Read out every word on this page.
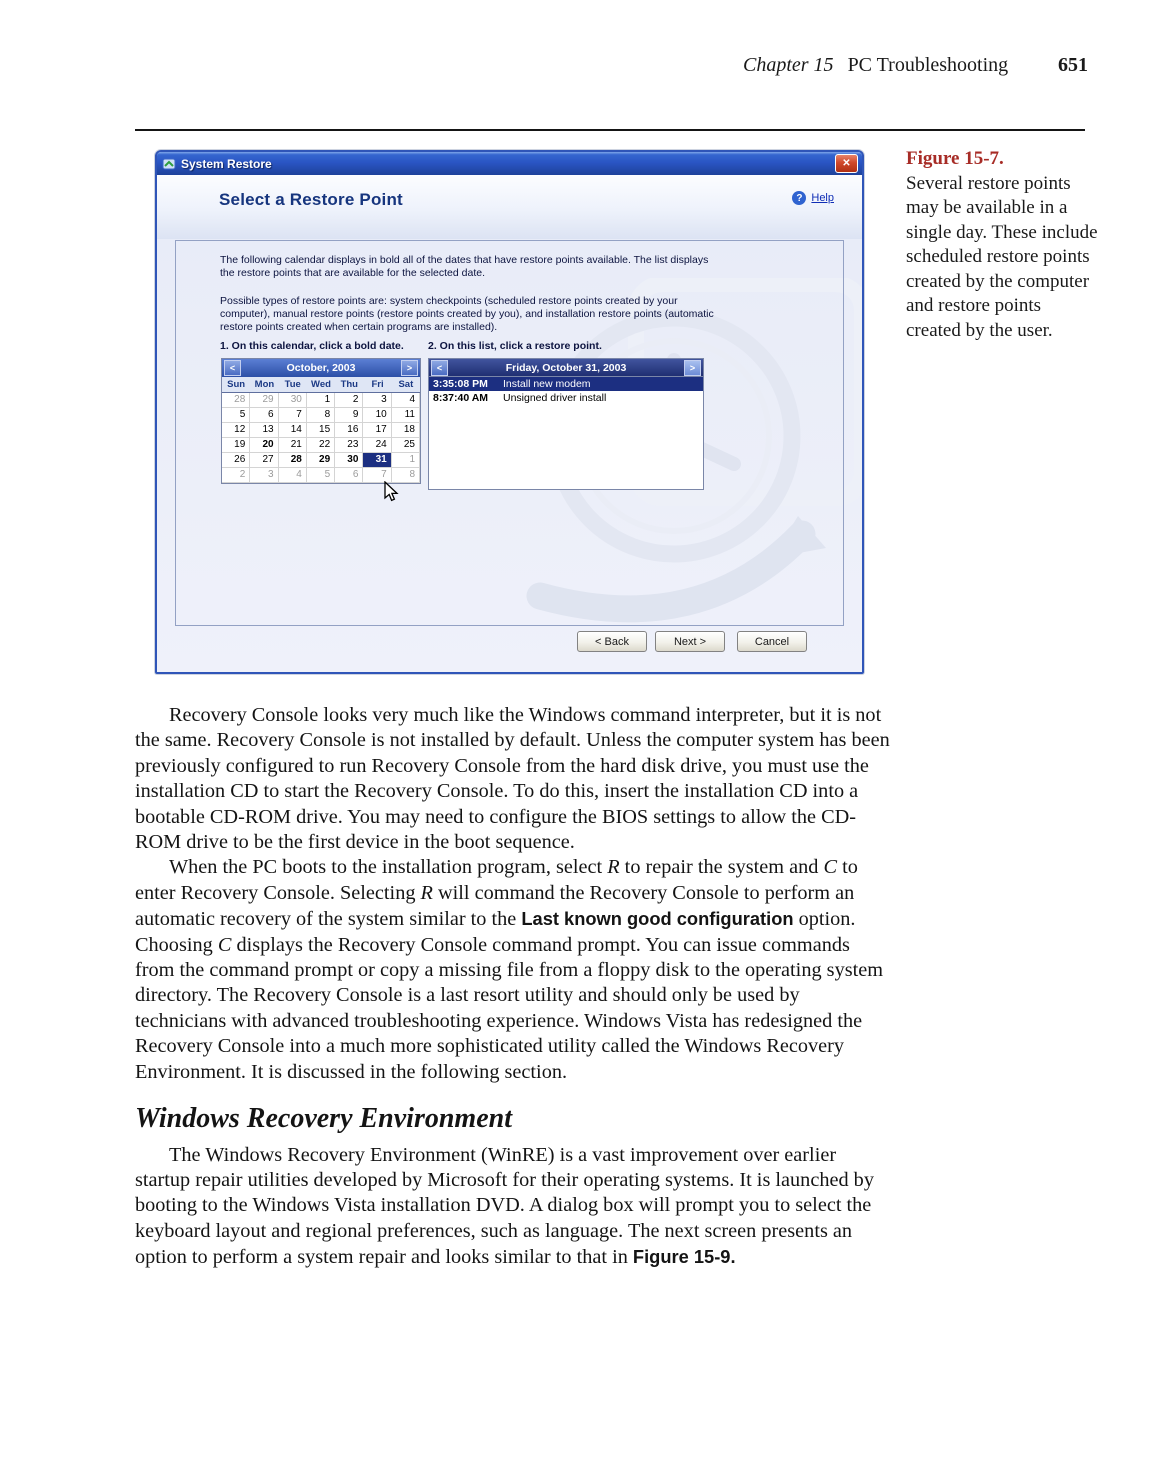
Chapter 15 PC Troubleshooting 651
System Restore	✕
Select a Restore Point	? Help

The following calendar displays in bold all of the dates that have restore points available. The list displays the restore points that are available for the selected date.

Possible types of restore points are: system checkpoints (scheduled restore points created by your computer), manual restore points (restore points created by you), and installation restore points (automatic restore points created when certain programs are installed).

1. On this calendar, click a bold date. 2. On this list, click a restore point.

<	October, 2003	>
Sun	Mon	Tue	Wed	Thu	Fri	Sat
28	29	30	1	2	3	4
5	6	7	8	9	10	11
12	13	14	15	16	17	18
19	20	21	22	23	24	25
26	27	28	29	30	31	1
2	3	4	5	6	7	8
<	Friday, October 31, 2003	>
3:35:08 PM	Install new modem
8:37:40 AM	Unsigned driver install
< Back	Next >	Cancel
Figure 15-7.
Several restore points may be available in a single day. These include scheduled restore points created by the computer and restore points created by the user.

Recovery Console looks very much like the Windows command interpreter, but it is not the same. Recovery Console is not installed by default. Unless the computer system has been previously configured to run Recovery Console from the hard disk drive, you must use the installation CD to start the Recovery Console. To do this, insert the installation CD into a bootable CD-ROM drive. You may need to configure the BIOS settings to allow the CD-ROM drive to be the first device in the boot sequence.

When the PC boots to the installation program, select R to repair the system and C to enter Recovery Console. Selecting R will command the Recovery Console to perform an automatic recovery of the system similar to the Last known good configuration option. Choosing C displays the Recovery Console command prompt. You can issue commands from the command prompt or copy a missing file from a floppy disk to the operating system directory. The Recovery Console is a last resort utility and should only be used by technicians with advanced troubleshooting experience. Windows Vista has redesigned the Recovery Console into a much more sophisticated utility called the Windows Recovery Environment. It is discussed in the following section.

Windows Recovery Environment

The Windows Recovery Environment (WinRE) is a vast improvement over earlier startup repair utilities developed by Microsoft for their operating systems. It is launched by booting to the Windows Vista installation DVD. A dialog box will prompt you to select the keyboard layout and regional preferences, such as language. The next screen presents an option to perform a system repair and looks similar to that in Figure 15-9.
